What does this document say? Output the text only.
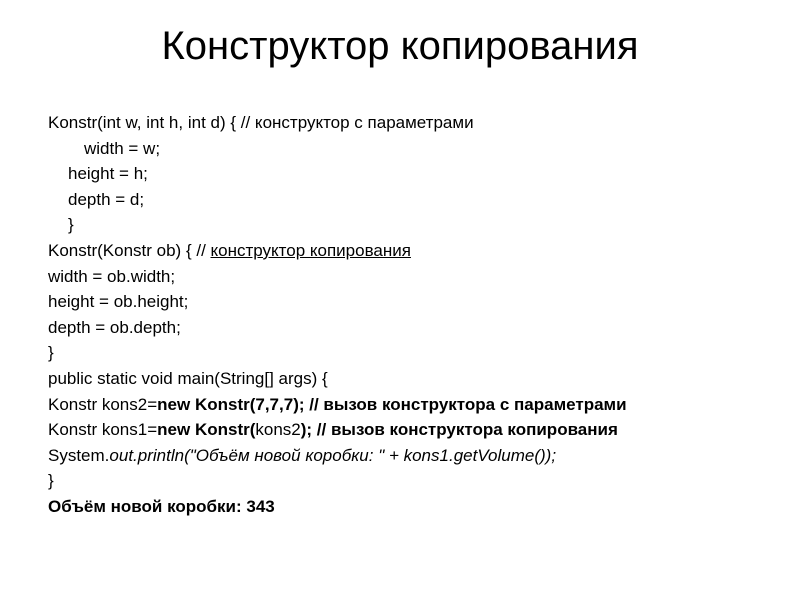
Конструктор копирования
Konstr(int w, int h, int d) { // конструктор с параметрами
width = w;
height = h;
depth = d;
}
Konstr(Konstr ob) { // конструктор копирования
width = ob.width;
height = ob.height;
depth = ob.depth;
}
public static void main(String[] args) {
Konstr kons2=new Konstr(7,7,7); // вызов конструктора с параметрами
Konstr kons1=new Konstr(kons2); // вызов конструктора копирования
System.out.println("Объём новой коробки: " + kons1.getVolume());
}
Объём новой коробки: 343
